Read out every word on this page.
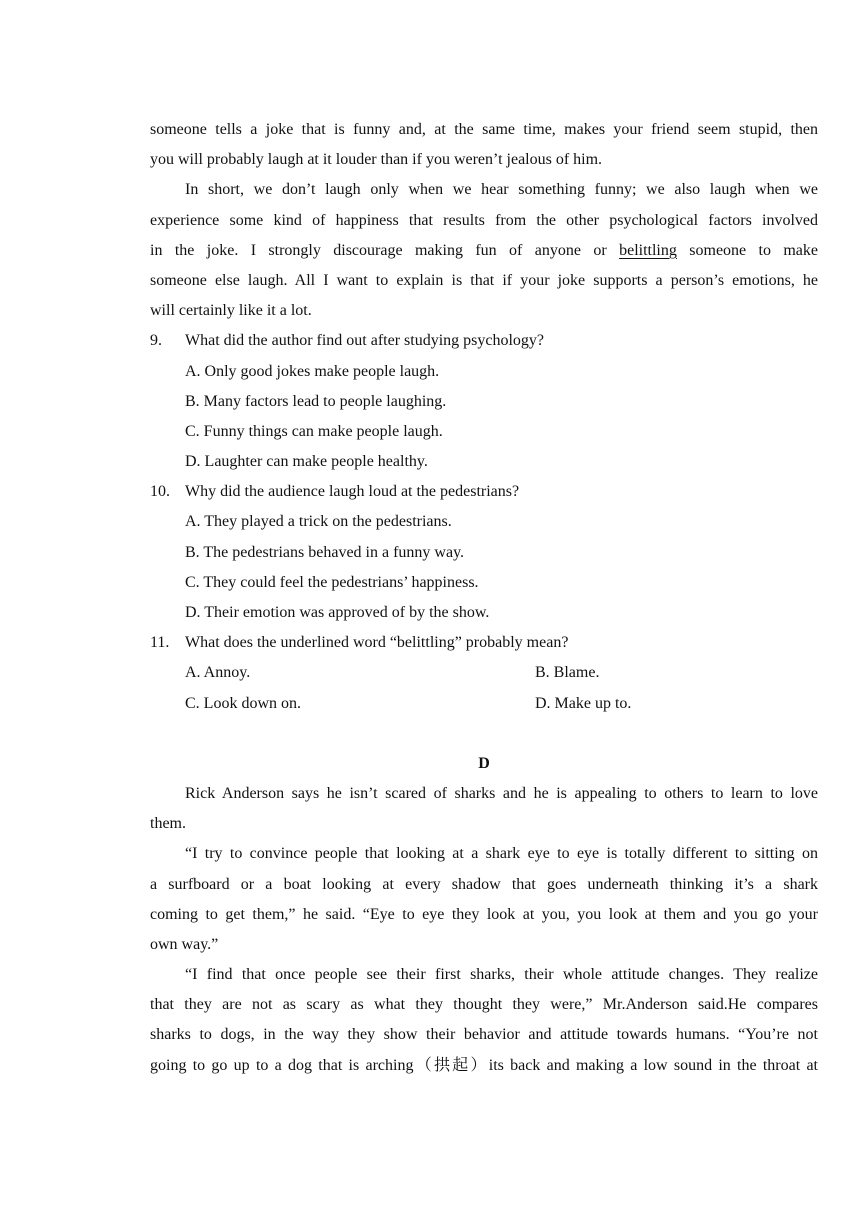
someone tells a joke that is funny and, at the same time, makes your friend seem stupid, then
you will probably laugh at it louder than if you weren’t jealous of him.
In short, we don’t laugh only when we hear something funny; we also laugh when we
experience some kind of happiness that results from the other psychological factors involved
in the joke. I strongly discourage making fun of anyone or belittling someone to make
someone else laugh. All I want to explain is that if your joke supports a person’s emotions, he
will certainly like it a lot.
9.	What did the author find out after studying psychology?
A. Only good jokes make people laugh.
B. Many factors lead to people laughing.
C. Funny things can make people laugh.
D. Laughter can make people healthy.
10. Why did the audience laugh loud at the pedestrians?
A. They played a trick on the pedestrians.
B. The pedestrians behaved in a funny way.
C. They could feel the pedestrians’ happiness.
D. Their emotion was approved of by the show.
11. What does the underlined word “belittling” probably mean?
A. Annoy.	B. Blame.
C. Look down on.	D. Make up to.
D
Rick Anderson says he isn’t scared of sharks and he is appealing to others to learn to love
them.
“I try to convince people that looking at a shark eye to eye is totally different to sitting on
a surfboard or a boat looking at every shadow that goes underneath thinking it’s a shark
coming to get them,” he said. “Eye to eye they look at you, you look at them and you go your
own way.”
“I find that once people see their first sharks, their whole attitude changes. They realize
that they are not as scary as what they thought they were,” Mr.Anderson said.He compares
sharks to dogs, in the way they show their behavior and attitude towards humans. “You’re not
going to go up to a dog that is arching（拱起）its back and making a low sound in the throat at
